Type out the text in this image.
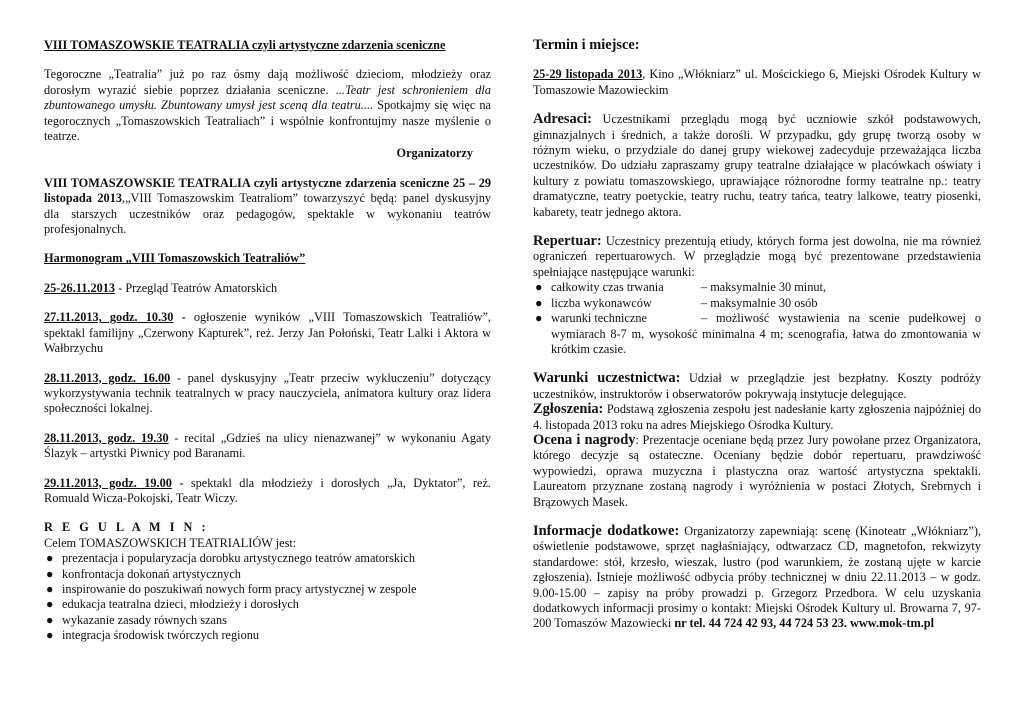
VIII TOMASZOWSKIE TEATRALIA czyli artystyczne zdarzenia sceniczne

Tegoroczne „Teatralia” już po raz ósmy dają możliwość dzieciom, młodzieży oraz dorosłym wyrazić siebie poprzez działania sceniczne. ...Teatr jest schronieniem dla zbuntowanego umysłu. Zbuntowany umysł jest sceną dla teatru.... Spotkajmy się więc na tegorocznych „Tomaszowskich Teatraliach” i wspólnie konfrontujmy nasze myślenie o teatrze.

Organizatorzy

VIII TOMASZOWSKIE TEATRALIA czyli artystyczne zdarzenia sceniczne 25 – 29 listopada 2013,„VIII Tomaszowskim Teatraliom” towarzyszyć będą: panel dyskusyjny dla starszych uczestników oraz pedagogów, spektakle w wykonaniu teatrów profesjonalnych.

Harmonogram „VIII Tomaszowskich Teatraliów”

25-26.11.2013 - Przegląd Teatrów Amatorskich

27.11.2013, godz. 10.30 - ogłoszenie wyników „VIII Tomaszowskich Teatraliów”, spektakl familijny „Czerwony Kapturek”, reż. Jerzy Jan Połoński, Teatr Lalki i Aktora w Wałbrzychu

28.11.2013, godz. 16.00 - panel dyskusyjny „Teatr przeciw wykluczeniu” dotyczący wykorzystywania technik teatralnych w pracy nauczyciela, animatora kultury oraz lidera społeczności lokalnej.

28.11.2013, godz. 19.30 - recital „Gdzieś na ulicy nienazwanej” w wykonaniu Agaty Ślazyk – artystki Piwnicy pod Baranami.

29.11.2013, godz. 19.00 - spektakl dla młodzieży i dorosłych „Ja, Dyktator”, reż. Romuald Wicza-Pokojski, Teatr Wiczy.

R E G U L A M I N :
Celem TOMASZOWSKICH TEATRIALIÓW jest:
● prezentacja i popularyzacja dorobku artystycznego teatrów amatorskich
● konfrontacja dokonań artystycznych
● inspirowanie do poszukiwań nowych form pracy artystycznej w zespole
● edukacja teatralna dzieci, młodzieży i dorosłych
● wykazanie zasady równych szans
● integracja środowisk twórczych regionu

Termin i miejsce:

25-29 listopada 2013, Kino „Włókniarz” ul. Mościckiego 6, Miejski Ośrodek Kultury w Tomaszowie Mazowieckim

Adresaci: Uczestnikami przeglądu mogą być uczniowie szkół podstawowych, gimnazjalnych i średnich, a także dorośli. W przypadku, gdy grupę tworzą osoby w różnym wieku, o przydziale do danej grupy wiekowej zadecyduje przeważająca liczba uczestników. Do udziału zapraszamy grupy teatralne działające w placówkach oświaty i kultury z powiatu tomaszowskiego, uprawiające różnorodne formy teatralne np.: teatry dramatyczne, teatry poetyckie, teatry ruchu, teatry tańca, teatry lalkowe, teatry piosenki, kabarety, teatr jednego aktora.

Repertuar: Uczestnicy prezentują etiudy, których forma jest dowolna, nie ma również ograniczeń repertuarowych. W przeglądzie mogą być prezentowane przedstawienia spełniające następujące warunki:
● całkowity czas trwania	– maksymalnie 30 minut,
● liczba wykonawców	– maksymalnie 30 osób
● warunki techniczne	– możliwość wystawienia na scenie pudełkowej o wymiarach 8-7 m, wysokość minimalna 4 m; scenografia, łatwa do zmontowania w krótkim czasie.
Warunki uczestnictwa: Udział w przeglądzie jest bezpłatny. Koszty podróży uczestników, instruktorów i obserwatorów pokrywają instytucje delegujące.
Zgłoszenia: Podstawą zgłoszenia zespołu jest nadesłanie karty zgłoszenia najpóźniej do 4. listopada 2013 roku na adres Miejskiego Ośrodka Kultury.

Ocena i nagrody: Prezentacje oceniane będą przez Jury powołane przez Organizatora, którego decyzje są ostateczne. Oceniany będzie dobór repertuaru, prawdziwość wypowiedzi, oprawa muzyczna i plastyczna oraz wartość artystyczna spektakli. Laureatom przyznane zostaną nagrody i wyróżnienia w postaci Złotych, Srebrnych i Brązowych Masek.

Informacje dodatkowe: Organizatorzy zapewniają: scenę (Kinoteatr „Włókniarz”), oświetlenie podstawowe, sprzęt nagłaśniający, odtwarzacz CD, magnetofon, rekwizyty standardowe: stół, krzesło, wieszak, lustro (pod warunkiem, że zostaną ujęte w karcie zgłoszenia). Istnieje możliwość odbycia próby technicznej w dniu 22.11.2013 – w godz. 9.00-15.00 – zapisy na próby prowadzi p. Grzegorz Przedbora. W celu uzyskania dodatkowych informacji prosimy o kontakt: Miejski Ośrodek Kultury ul. Browarna 7, 97-200 Tomaszów Mazowiecki nr tel. 44 724 42 93, 44 724 53 23. www.mok-tm.pl
